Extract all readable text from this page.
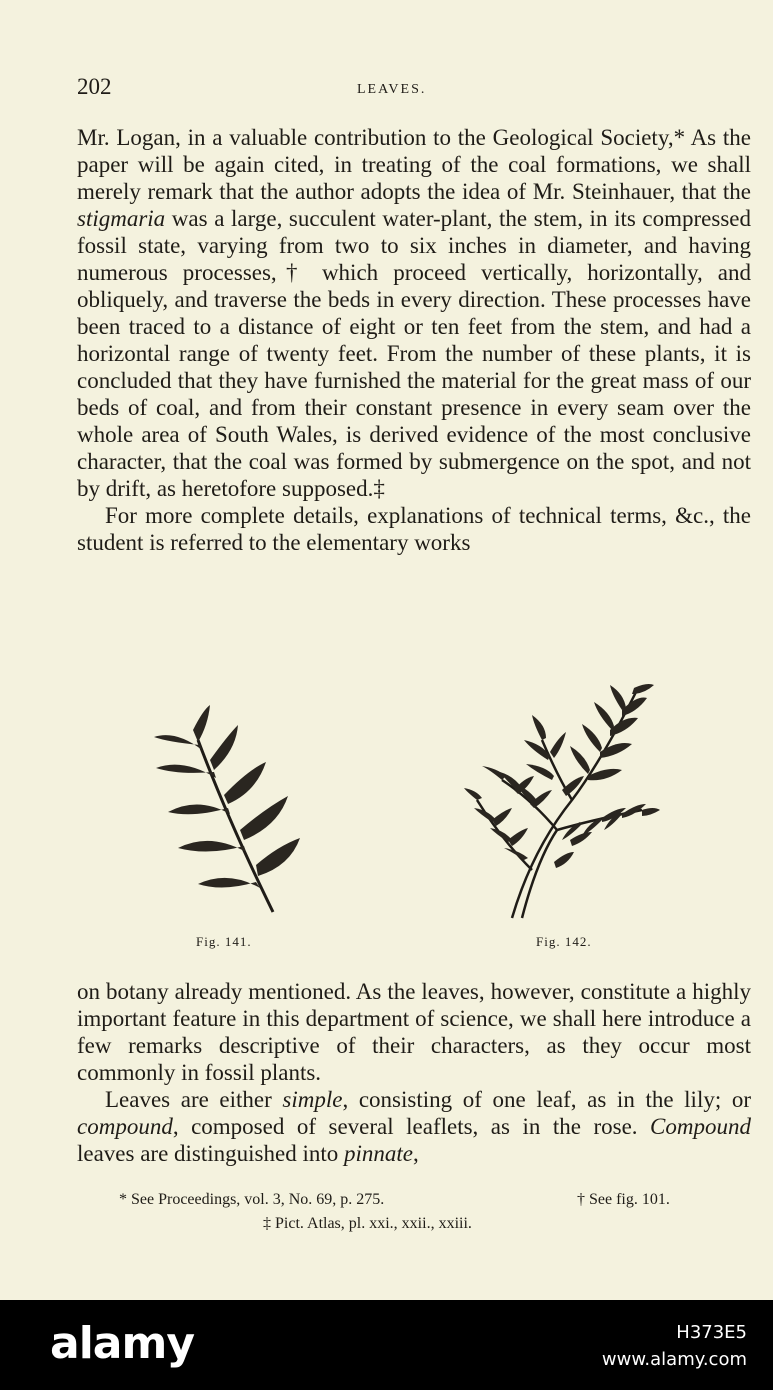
202	LEAVES.

Mr. Logan, in a valuable contribution to the Geological Society,* As the paper will be again cited, in treating of the coal formations, we shall merely remark that the author adopts the idea of Mr. Steinhauer, that the stigmaria was a large, succulent water-plant, the stem, in its compressed fossil state, varying from two to six inches in diameter, and having numerous processes,† which proceed vertically, horizontally, and obliquely, and traverse the beds in every direction. These processes have been traced to a distance of eight or ten feet from the stem, and had a horizontal range of twenty feet. From the number of these plants, it is concluded that they have furnished the material for the great mass of our beds of coal, and from their constant presence in every seam over the whole area of South Wales, is derived evidence of the most conclusive character, that the coal was formed by submergence on the spot, and not by drift, as heretofore supposed.‡

For more complete details, explanations of technical terms, &c., the student is referred to the elementary works

Fig. 141.	Fig. 142.

on botany already mentioned. As the leaves, however, constitute a highly important feature in this department of science, we shall here introduce a few remarks descriptive of their characters, as they occur most commonly in fossil plants.

Leaves are either simple, consisting of one leaf, as in the lily; or compound, composed of several leaflets, as in the rose. Compound leaves are distinguished into pinnate,

* See Proceedings, vol. 3, No. 69, p. 275.	† See fig. 101.
‡ Pict. Atlas, pl. xxi., xxii., xxiii.
alamy	H373E5
www.alamy.com
